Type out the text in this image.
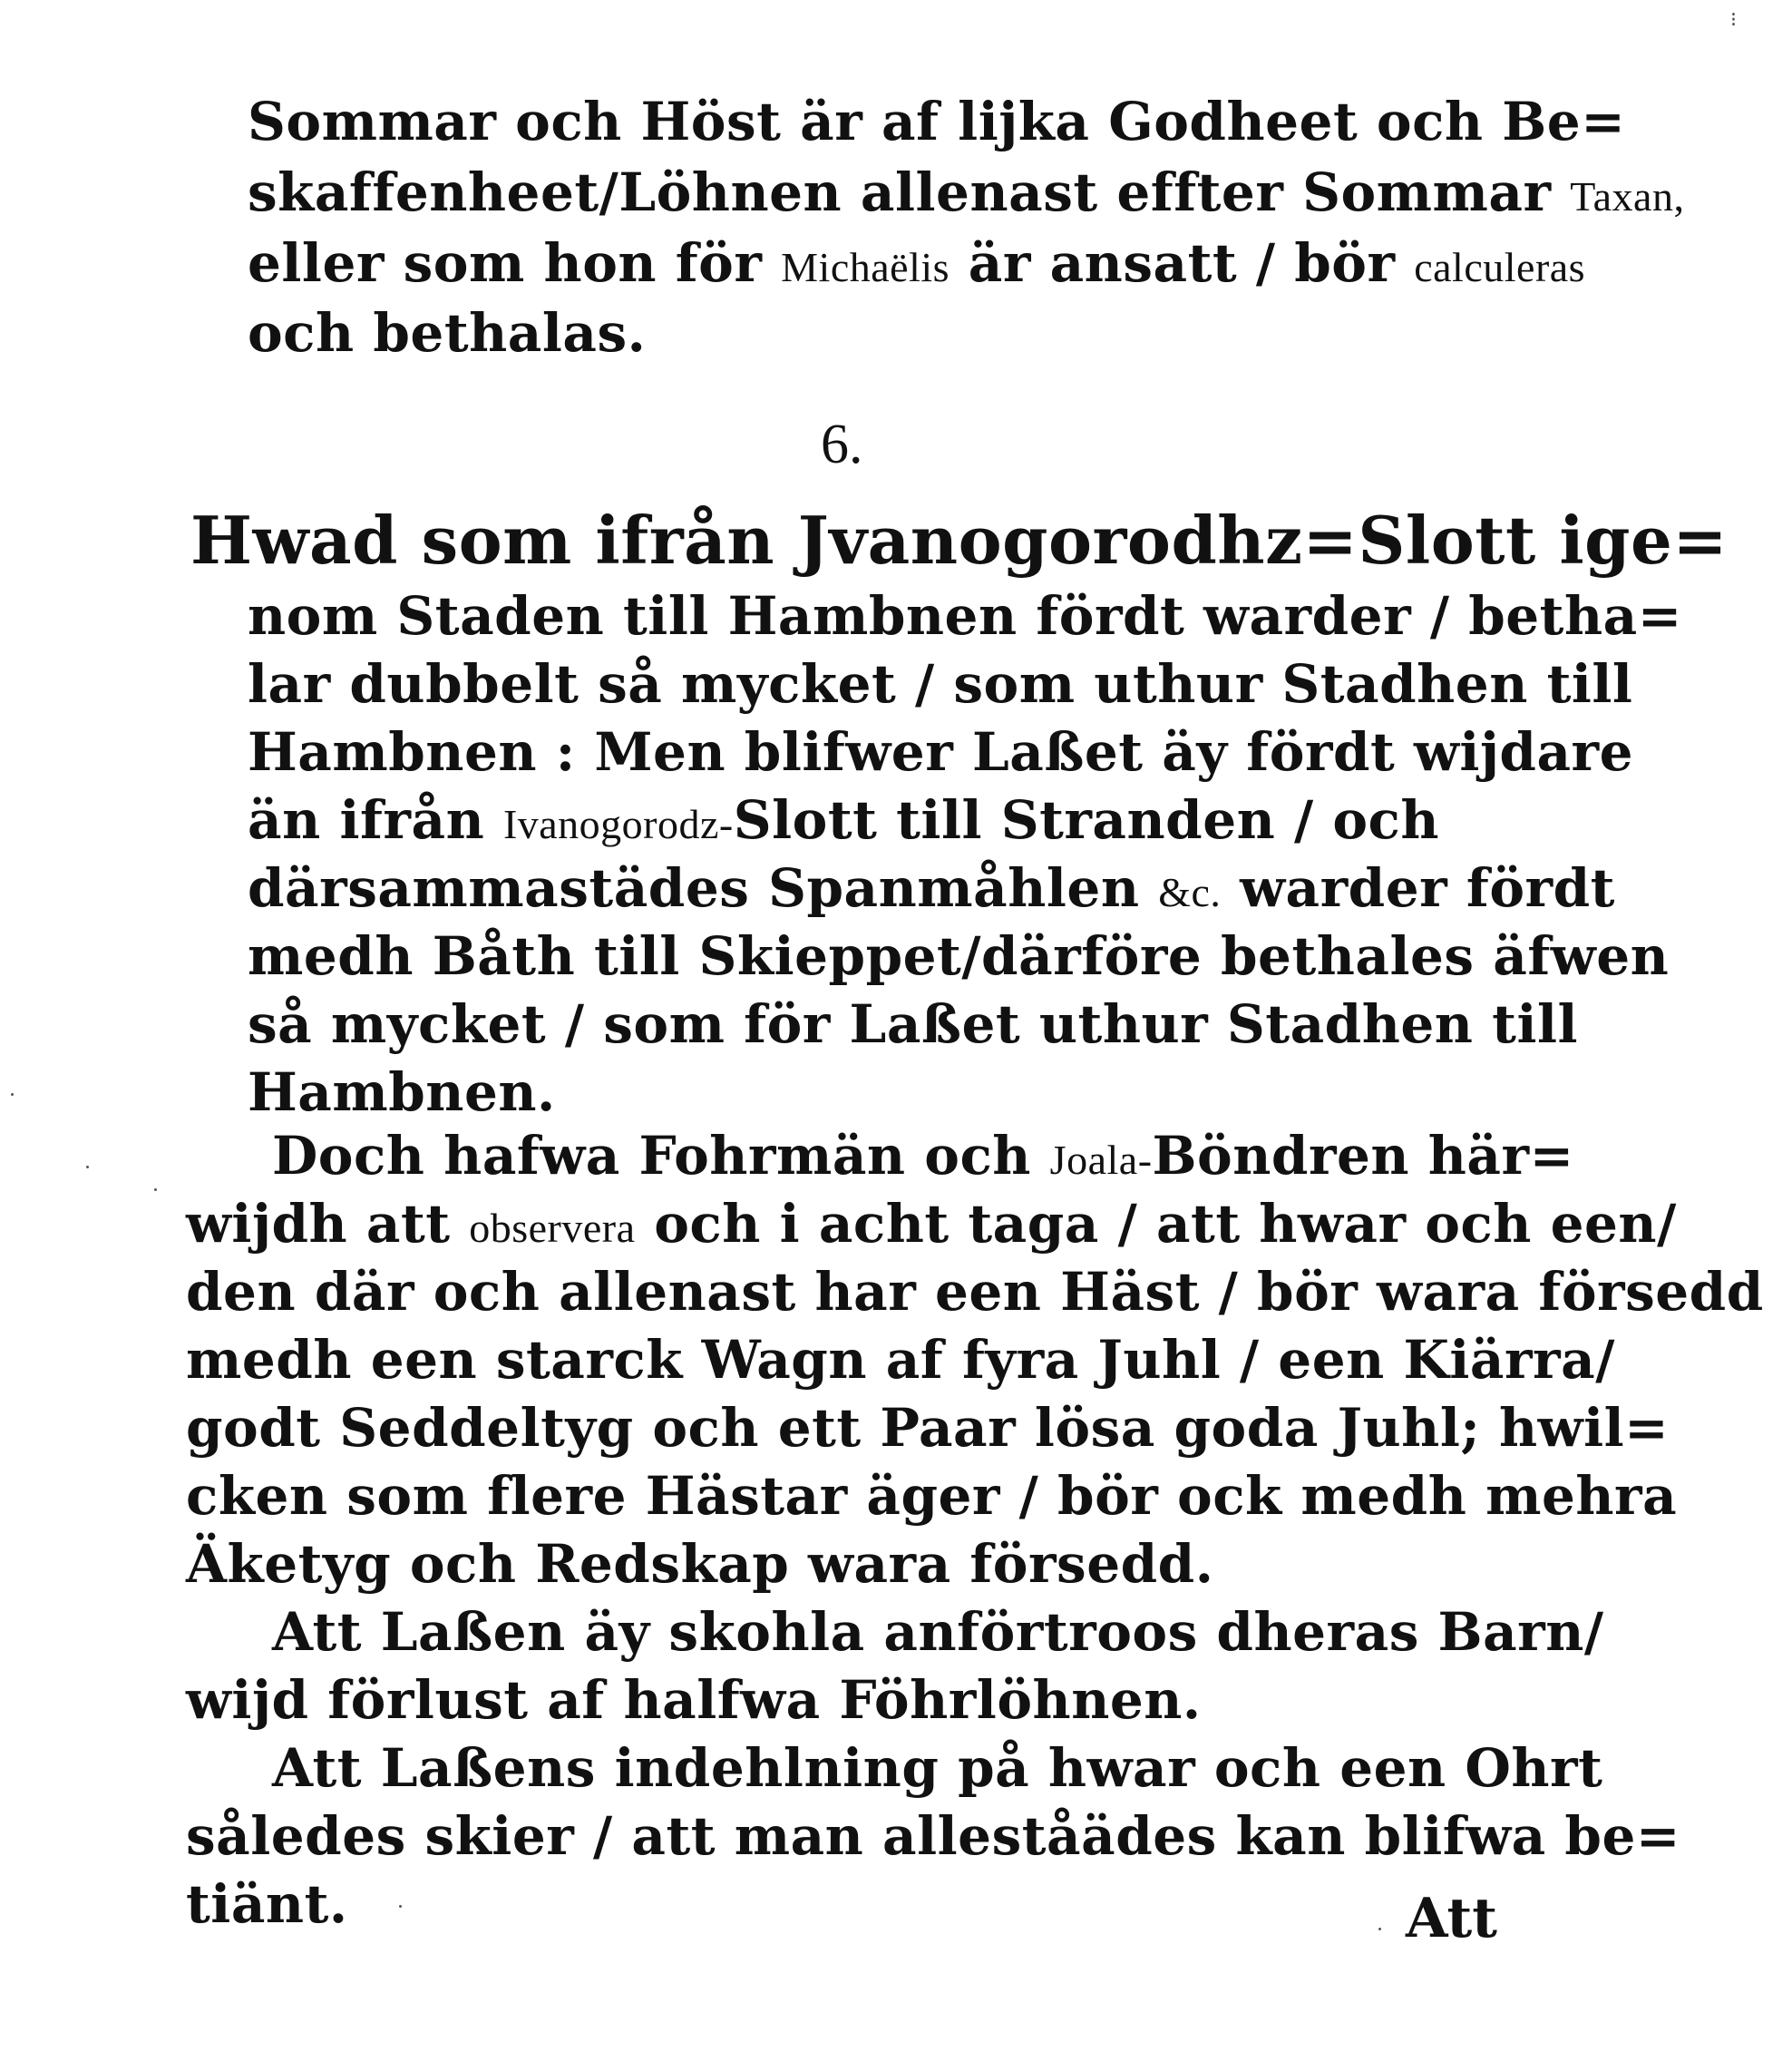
⁝
Sommar och Höst är af lijka Godheet och Be=
skaffenheet/Löhnen allenast effter Sommar Taxan,
eller som hon för Michaëlis är ansatt / bör calculeras
och bethalas.
6.
Hwad som ifrån Jvanogorodhz=Slott ige=
nom Staden till Hambnen fördt warder / betha=
lar dubbelt så mycket / som uthur Stadhen till
Hambnen : Men blifwer Laßet äy fördt wijdare
än ifrån Ivanogorodz-Slott till Stranden / och
därsammastädes Spanmåhlen &c. warder fördt
medh Båth till Skieppet/därföre bethales äfwen
så mycket / som för Laßet uthur Stadhen till
Hambnen.
Doch hafwa Fohrmän och Joala-Böndren här=
wijdh att observera och i acht taga / att hwar och een/
den där och allenast har een Häst / bör wara försedd
medh een starck Wagn af fyra Juhl / een Kiärra/
godt Seddeltyg och ett Paar lösa goda Juhl; hwil=
cken som flere Hästar äger / bör ock medh mehra
Äketyg och Redskap wara försedd.
Att Laßen äy skohla anförtroos dheras Barn/
wijd förlust af halfwa Föhrlöhnen.
Att Laßens indehlning på hwar och een Ohrt
således skier / att man alleståädes kan blifwa be=
tiänt.	Att
